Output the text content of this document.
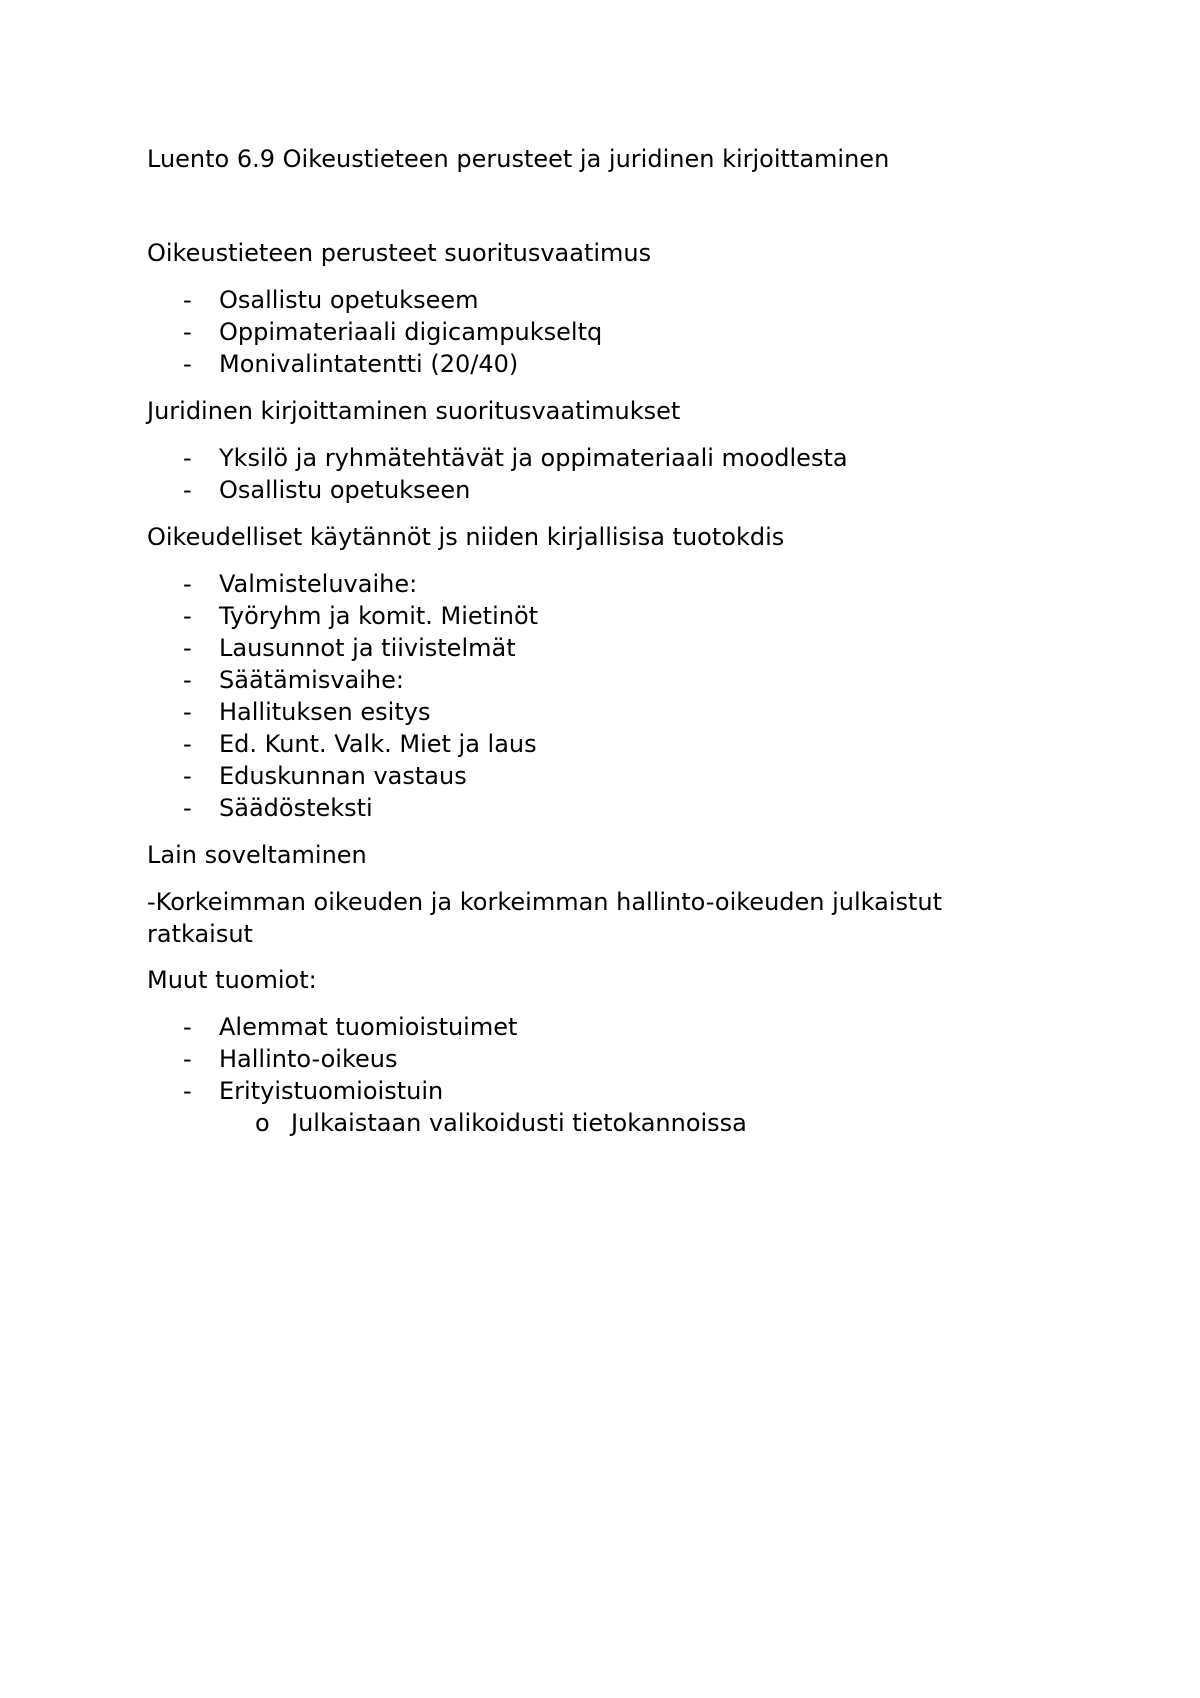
Luento 6.9 Oikeustieteen perusteet ja juridinen kirjoittaminen

Oikeustieteen perusteet suoritusvaatimus

- Osallistu opetukseem
- Oppimateriaali digicampukseltq
- Monivalintatentti (20/40)

Juridinen kirjoittaminen suoritusvaatimukset

- Yksilö ja ryhmätehtävät ja oppimateriaali moodlesta
- Osallistu opetukseen

Oikeudelliset käytännöt js niiden kirjallisisa tuotokdis

- Valmisteluvaihe:
- Työryhm ja komit. Mietinöt
- Lausunnot ja tiivistelmät
- Säätämisvaihe:
- Hallituksen esitys
- Ed. Kunt. Valk. Miet ja laus
- Eduskunnan vastaus
- Säädösteksti

Lain soveltaminen

-Korkeimman oikeuden ja korkeimman hallinto-oikeuden julkaistut ratkaisut

Muut tuomiot:

- Alemmat tuomioistuimet
- Hallinto-oikeus
- Erityistuomioistuin
o Julkaistaan valikoidusti tietokannoissa
